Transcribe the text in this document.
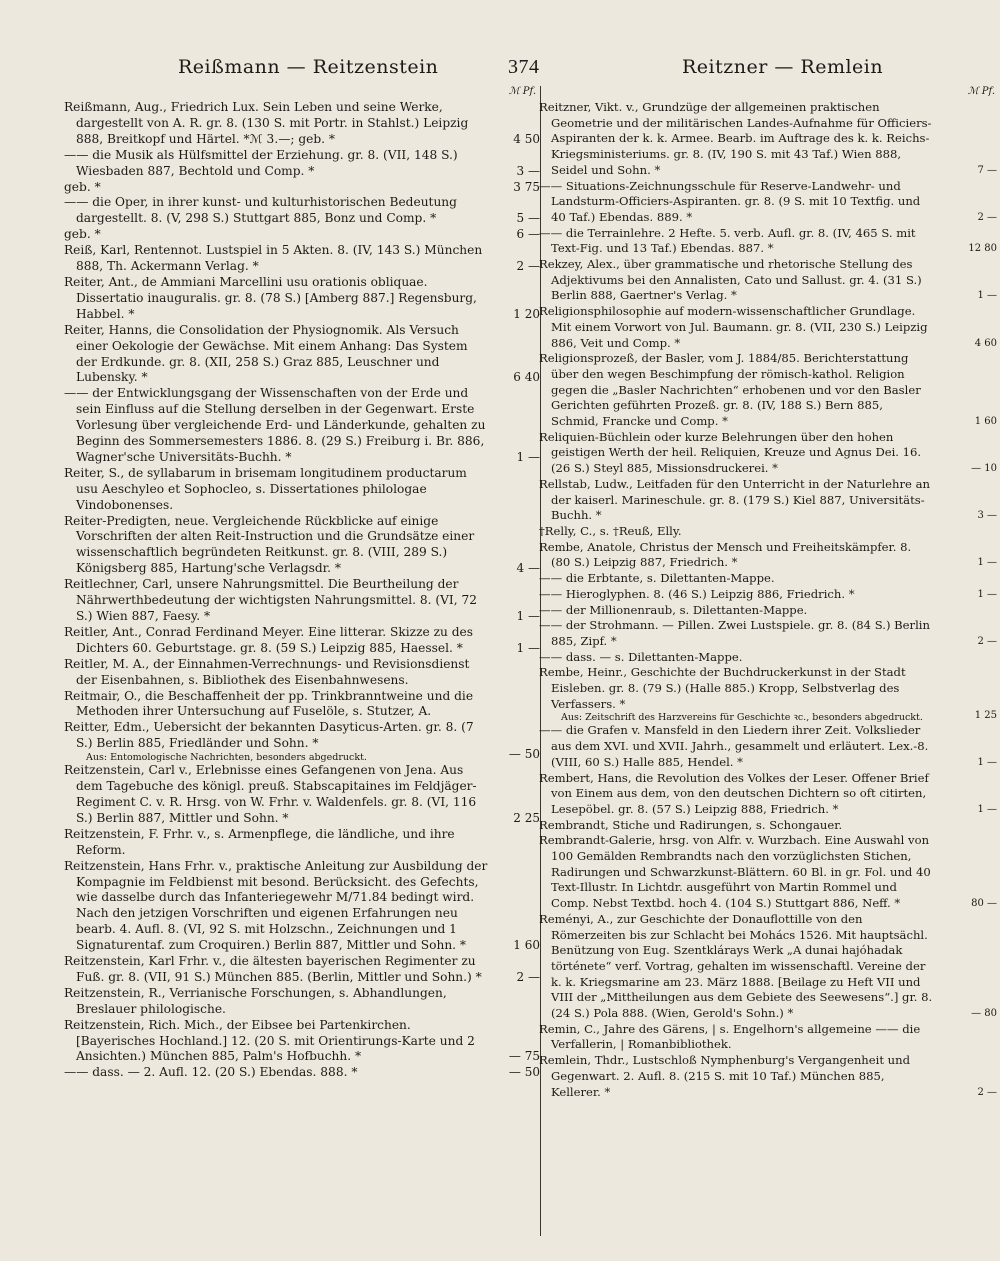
Reißmann — Reitzenstein	374	Reitzner — Remlein
ℳ Pf.

Reißmann, Aug., Friedrich Lux. Sein Leben und seine Werke, dargestellt von A. R. gr. 8. (130 S. mit Portr. in Stahlst.) Leipzig 888, Breitkopf und Härtel. *ℳ 3.—; geb. *	4 50

—— die Musik als Hülfsmittel der Erziehung. gr. 8. (VII, 148 S.) Wiesbaden 887, Bechtold und Comp. *	3 —

geb. *	3 75

—— die Oper, in ihrer kunst- und kulturhistorischen Bedeutung dargestellt. 8. (V, 298 S.) Stuttgart 885, Bonz und Comp. *	5 —

geb. *	6 —

Reiß, Karl, Rentennot. Lustspiel in 5 Akten. 8. (IV, 143 S.) München 888, Th. Ackermann Verlag. *	2 —

Reiter, Ant., de Ammiani Marcellini usu orationis obliquae. Dissertatio inauguralis. gr. 8. (78 S.) [Amberg 887.] Regensburg, Habbel. *	1 20

Reiter, Hanns, die Consolidation der Physiognomik. Als Versuch einer Oekologie der Gewächse. Mit einem Anhang: Das System der Erdkunde. gr. 8. (XII, 258 S.) Graz 885, Leuschner und Lubensky. *	6 40

—— der Entwicklungsgang der Wissenschaften von der Erde und sein Einfluss auf die Stellung derselben in der Gegenwart. Erste Vorlesung über vergleichende Erd- und Länderkunde, gehalten zu Beginn des Sommersemesters 1886. 8. (29 S.) Freiburg i. Br. 886, Wagner'sche Universitäts-Buchh. *	1 —

Reiter, S., de syllabarum in brisemam longitudinem productarum usu Aeschyleo et Sophocleo, s. Dissertationes philologae Vindobonenses.

Reiter-Predigten, neue. Vergleichende Rückblicke auf einige Vorschriften der alten Reit-Instruction und die Grundsätze einer wissenschaftlich begründeten Reitkunst. gr. 8. (VIII, 289 S.) Königsberg 885, Hartung'sche Verlagsdr. *	4 —

Reitlechner, Carl, unsere Nahrungsmittel. Die Beurtheilung der Nährwerthbedeutung der wichtigsten Nahrungsmittel. 8. (VI, 72 S.) Wien 887, Faesy. *	1 —

Reitler, Ant., Conrad Ferdinand Meyer. Eine litterar. Skizze zu des Dichters 60. Geburtstage. gr. 8. (59 S.) Leipzig 885, Haessel. *	1 —

Reitler, M. A., der Einnahmen-Verrechnungs- und Revisionsdienst der Eisenbahnen, s. Bibliothek des Eisenbahnwesens.

Reitmair, O., die Beschaffenheit der pp. Trinkbranntweine und die Methoden ihrer Untersuchung auf Fuselöle, s. Stutzer, A.

Reitter, Edm., Uebersicht der bekannten Dasyticus-Arten. gr. 8. (7 S.) Berlin 885, Friedländer und Sohn. *
Aus: Entomologische Nachrichten, besonders abgedruckt.	— 50

Reitzenstein, Carl v., Erlebnisse eines Gefangenen von Jena. Aus dem Tagebuche des königl. preuß. Stabscapitaines im Feldjäger-Regiment C. v. R. Hrsg. von W. Frhr. v. Waldenfels. gr. 8. (VI, 116 S.) Berlin 887, Mittler und Sohn. *	2 25

Reitzenstein, F. Frhr. v., s. Armenpflege, die ländliche, und ihre Reform.

Reitzenstein, Hans Frhr. v., praktische Anleitung zur Ausbildung der Kompagnie im Feldbienst mit besond. Berücksicht. des Gefechts, wie dasselbe durch das Infanteriegewehr M/71.84 bedingt wird. Nach den jetzigen Vorschriften und eigenen Erfahrungen neu bearb. 4. Aufl. 8. (VI, 92 S. mit Holzschn., Zeichnungen und 1 Signaturentaf. zum Croquiren.) Berlin 887, Mittler und Sohn. *	1 60

Reitzenstein, Karl Frhr. v., die ältesten bayerischen Regimenter zu Fuß. gr. 8. (VII, 91 S.) München 885. (Berlin, Mittler und Sohn.) *	2 —

Reitzenstein, R., Verrianische Forschungen, s. Abhandlungen, Breslauer philologische.

Reitzenstein, Rich. Mich., der Eibsee bei Partenkirchen. [Bayerisches Hochland.] 12. (20 S. mit Orientirungs-Karte und 2 Ansichten.) München 885, Palm's Hofbuchh. *	— 75

—— dass. — 2. Aufl. 12. (20 S.) Ebendas. 888. *	— 50

ℳ Pf.

Reitzner, Vikt. v., Grundzüge der allgemeinen praktischen Geometrie und der militärischen Landes-Aufnahme für Officiers-Aspiranten der k. k. Armee. Bearb. im Auftrage des k. k. Reichs-Kriegsministeriums. gr. 8. (IV, 190 S. mit 43 Taf.) Wien 888, Seidel und Sohn. *	7 —

—— Situations-Zeichnungsschule für Reserve-Landwehr- und Landsturm-Officiers-Aspiranten. gr. 8. (9 S. mit 10 Textfig. und 40 Taf.) Ebendas. 889. *	2 —

—— die Terrainlehre. 2 Hefte. 5. verb. Aufl. gr. 8. (IV, 465 S. mit Text-Fig. und 13 Taf.) Ebendas. 887. *	12 80

Rekzey, Alex., über grammatische und rhetorische Stellung des Adjektivums bei den Annalisten, Cato und Sallust. gr. 4. (31 S.) Berlin 888, Gaertner's Verlag. *	1 —

Religionsphilosophie auf modern-wissenschaftlicher Grundlage. Mit einem Vorwort von Jul. Baumann. gr. 8. (VII, 230 S.) Leipzig 886, Veit und Comp. *	4 60

Religionsprozeß, der Basler, vom J. 1884/85. Berichterstattung über den wegen Beschimpfung der römisch-kathol. Religion gegen die „Basler Nachrichten“ erhobenen und vor den Basler Gerichten geführten Prozeß. gr. 8. (IV, 188 S.) Bern 885, Schmid, Francke und Comp. *	1 60

Reliquien-Büchlein oder kurze Belehrungen über den hohen geistigen Werth der heil. Reliquien, Kreuze und Agnus Dei. 16. (26 S.) Steyl 885, Missionsdruckerei. *	— 10

Rellstab, Ludw., Leitfaden für den Unterricht in der Naturlehre an der kaiserl. Marineschule. gr. 8. (179 S.) Kiel 887, Universitäts-Buchh. *	3 —

†Relly, C., s. †Reuß, Elly.

Rembe, Anatole, Christus der Mensch und Freiheitskämpfer. 8. (80 S.) Leipzig 887, Friedrich. *	1 —

—— die Erbtante, s. Dilettanten-Mappe.

—— Hieroglyphen. 8. (46 S.) Leipzig 886, Friedrich. *	1 —

—— der Millionenraub, s. Dilettanten-Mappe.

—— der Strohmann. — Pillen. Zwei Lustspiele. gr. 8. (84 S.) Berlin 885, Zipf. *	2 —

—— dass. — s. Dilettanten-Mappe.

Rembe, Heinr., Geschichte der Buchdruckerkunst in der Stadt Eisleben. gr. 8. (79 S.) (Halle 885.) Kropp, Selbstverlag des Verfassers. *
Aus: Zeitschrift des Harzvereins für Geschichte ꝛc., besonders abgedruckt.	1 25

—— die Grafen v. Mansfeld in den Liedern ihrer Zeit. Volkslieder aus dem XVI. und XVII. Jahrh., gesammelt und erläutert. Lex.-8. (VIII, 60 S.) Halle 885, Hendel. *	1 —

Rembert, Hans, die Revolution des Volkes der Leser. Offener Brief von Einem aus dem, von den deutschen Dichtern so oft citirten, Lesepöbel. gr. 8. (57 S.) Leipzig 888, Friedrich. *	1 —

Rembrandt, Stiche und Radirungen, s. Schongauer.

Rembrandt-Galerie, hrsg. von Alfr. v. Wurzbach. Eine Auswahl von 100 Gemälden Rembrandts nach den vorzüglichsten Stichen, Radirungen und Schwarzkunst-Blättern. 60 Bl. in gr. Fol. und 40 Text-Illustr. In Lichtdr. ausgeführt von Martin Rommel und Comp. Nebst Textbd. hoch 4. (104 S.) Stuttgart 886, Neff. *	80 —

Reményi, A., zur Geschichte der Donauflottille von den Römerzeiten bis zur Schlacht bei Mohács 1526. Mit hauptsächl. Benützung von Eug. Szentklárays Werk „A dunai hajóhadak története“ verf. Vortrag, gehalten im wissenschaftl. Vereine der k. k. Kriegsmarine am 23. März 1888. [Beilage zu Heft VII und VIII der „Mittheilungen aus dem Gebiete des Seewesens“.] gr. 8. (24 S.) Pola 888. (Wien, Gerold's Sohn.) *	— 80

Remin, C., Jahre des Gärens, | s. Engelhorn's allgemeine —— die Verfallerin, | Romanbibliothek.

Remlein, Thdr., Lustschloß Nymphenburg's Vergangenheit und Gegenwart. 2. Aufl. 8. (215 S. mit 10 Taf.) München 885, Kellerer. *	2 —
